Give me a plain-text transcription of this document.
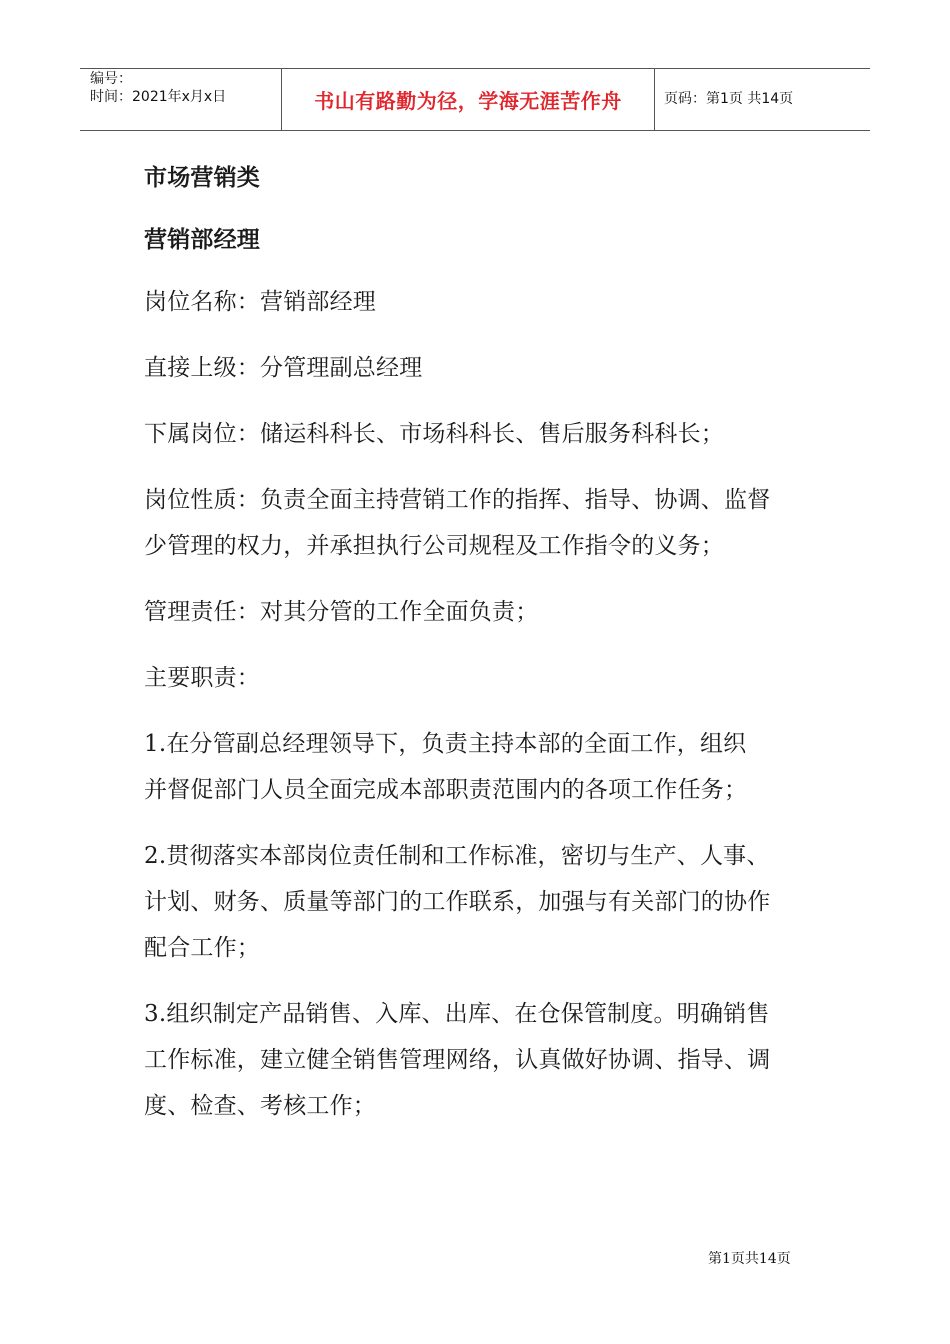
编号：
时间：2021年x月x日	书山有路勤为径，学海无涯苦作舟	页码：第1页 共14页
市场营销类
营销部经理
岗位名称：营销部经理
直接上级：分管理副总经理
下属岗位：储运科科长、市场科科长、售后服务科科长；
岗位性质：负责全面主持营销工作的指挥、指导、协调、监督
少管理的权力，并承担执行公司规程及工作指令的义务；
管理责任：对其分管的工作全面负责；
主要职责：
1.在分管副总经理领导下，负责主持本部的全面工作，组织
并督促部门人员全面完成本部职责范围内的各项工作任务；
2.贯彻落实本部岗位责任制和工作标准，密切与生产、人事、
计划、财务、质量等部门的工作联系，加强与有关部门的协作
配合工作；
3.组织制定产品销售、入库、出库、在仓保管制度。明确销售
工作标准，建立健全销售管理网络，认真做好协调、指导、调
度、检查、考核工作；
第1页共14页
